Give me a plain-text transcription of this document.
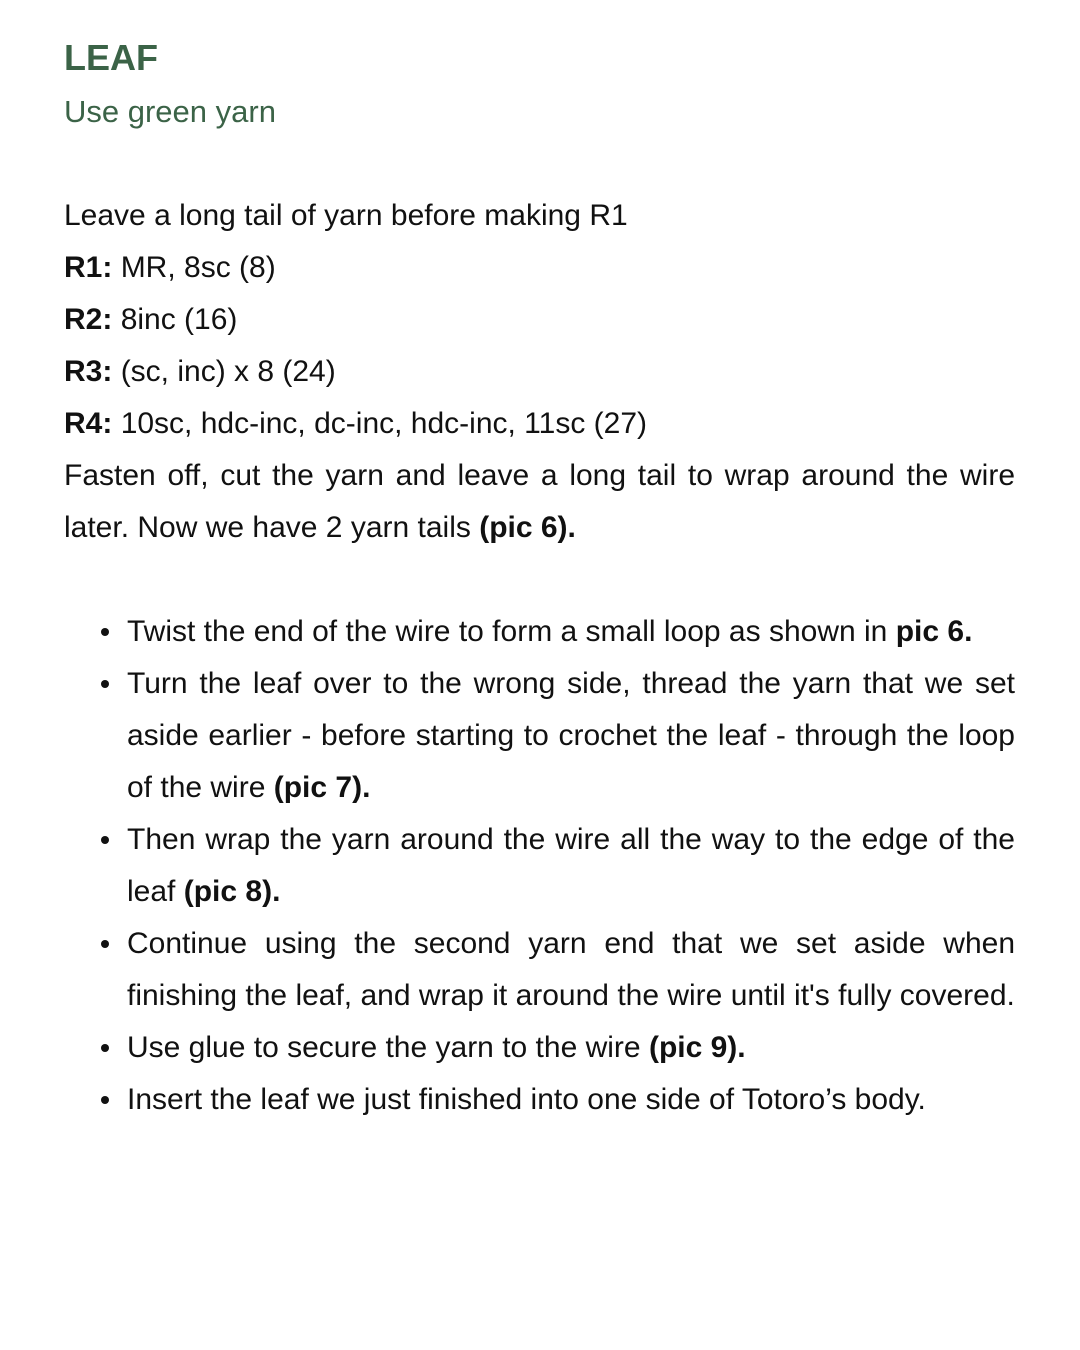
LEAF

Use green yarn

Leave a long tail of yarn before making R1
R1: MR, 8sc (8)
R2: 8inc (16)
R3: (sc, inc) x 8 (24)
R4: 10sc, hdc-inc, dc-inc, hdc-inc, 11sc (27)
Fasten off, cut the yarn and leave a long tail to wrap around the wire later. Now we have 2 yarn tails (pic 6).
Twist the end of the wire to form a small loop as shown in pic 6.
Turn the leaf over to the wrong side, thread the yarn that we set aside earlier - before starting to crochet the leaf - through the loop of the wire (pic 7).
Then wrap the yarn around the wire all the way to the edge of the leaf (pic 8).
Continue using the second yarn end that we set aside when finishing the leaf, and wrap it around the wire until it's fully covered.
Use glue to secure the yarn to the wire (pic 9).
Insert the leaf we just finished into one side of Totoro’s body.
